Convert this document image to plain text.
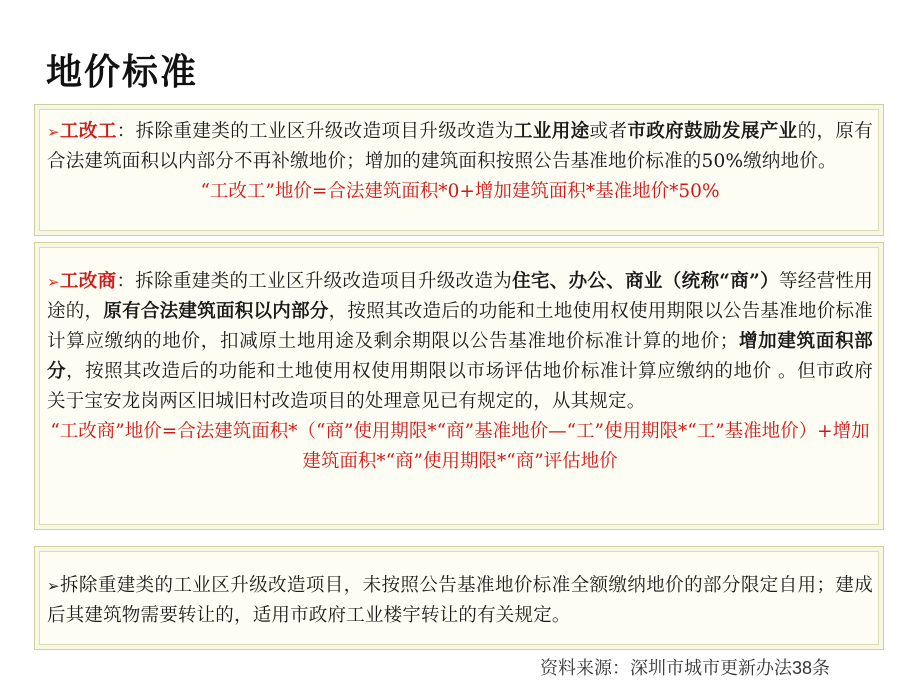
地价标准

➢工改工：拆除重建类的工业区升级改造项目升级改造为工业用途或者市政府鼓励发展产业的，原有合法建筑面积以内部分不再补缴地价；增加的建筑面积按照公告基准地价标准的50%缴纳地价。

“工改工”地价=合法建筑面积*0+增加建筑面积*基准地价*50%

➢工改商：拆除重建类的工业区升级改造项目升级改造为住宅、办公、商业（统称“商”）等经营性用途的，原有合法建筑面积以内部分，按照其改造后的功能和土地使用权使用期限以公告基准地价标准计算应缴纳的地价，扣减原土地用途及剩余期限以公告基准地价标准计算的地价；增加建筑面积部分，按照其改造后的功能和土地使用权使用期限以市场评估地价标准计算应缴纳的地价 。但市政府关于宝安龙岗两区旧城旧村改造项目的处理意见已有规定的，从其规定。

“工改商”地价=合法建筑面积*（“商”使用期限*“商”基准地价—“工”使用期限*“工”基准地价）+增加建筑面积*“商”使用期限*“商”评估地价

➢拆除重建类的工业区升级改造项目，未按照公告基准地价标准全额缴纳地价的部分限定自用；建成后其建筑物需要转让的，适用市政府工业楼宇转让的有关规定。

资料来源：深圳市城市更新办法38条
